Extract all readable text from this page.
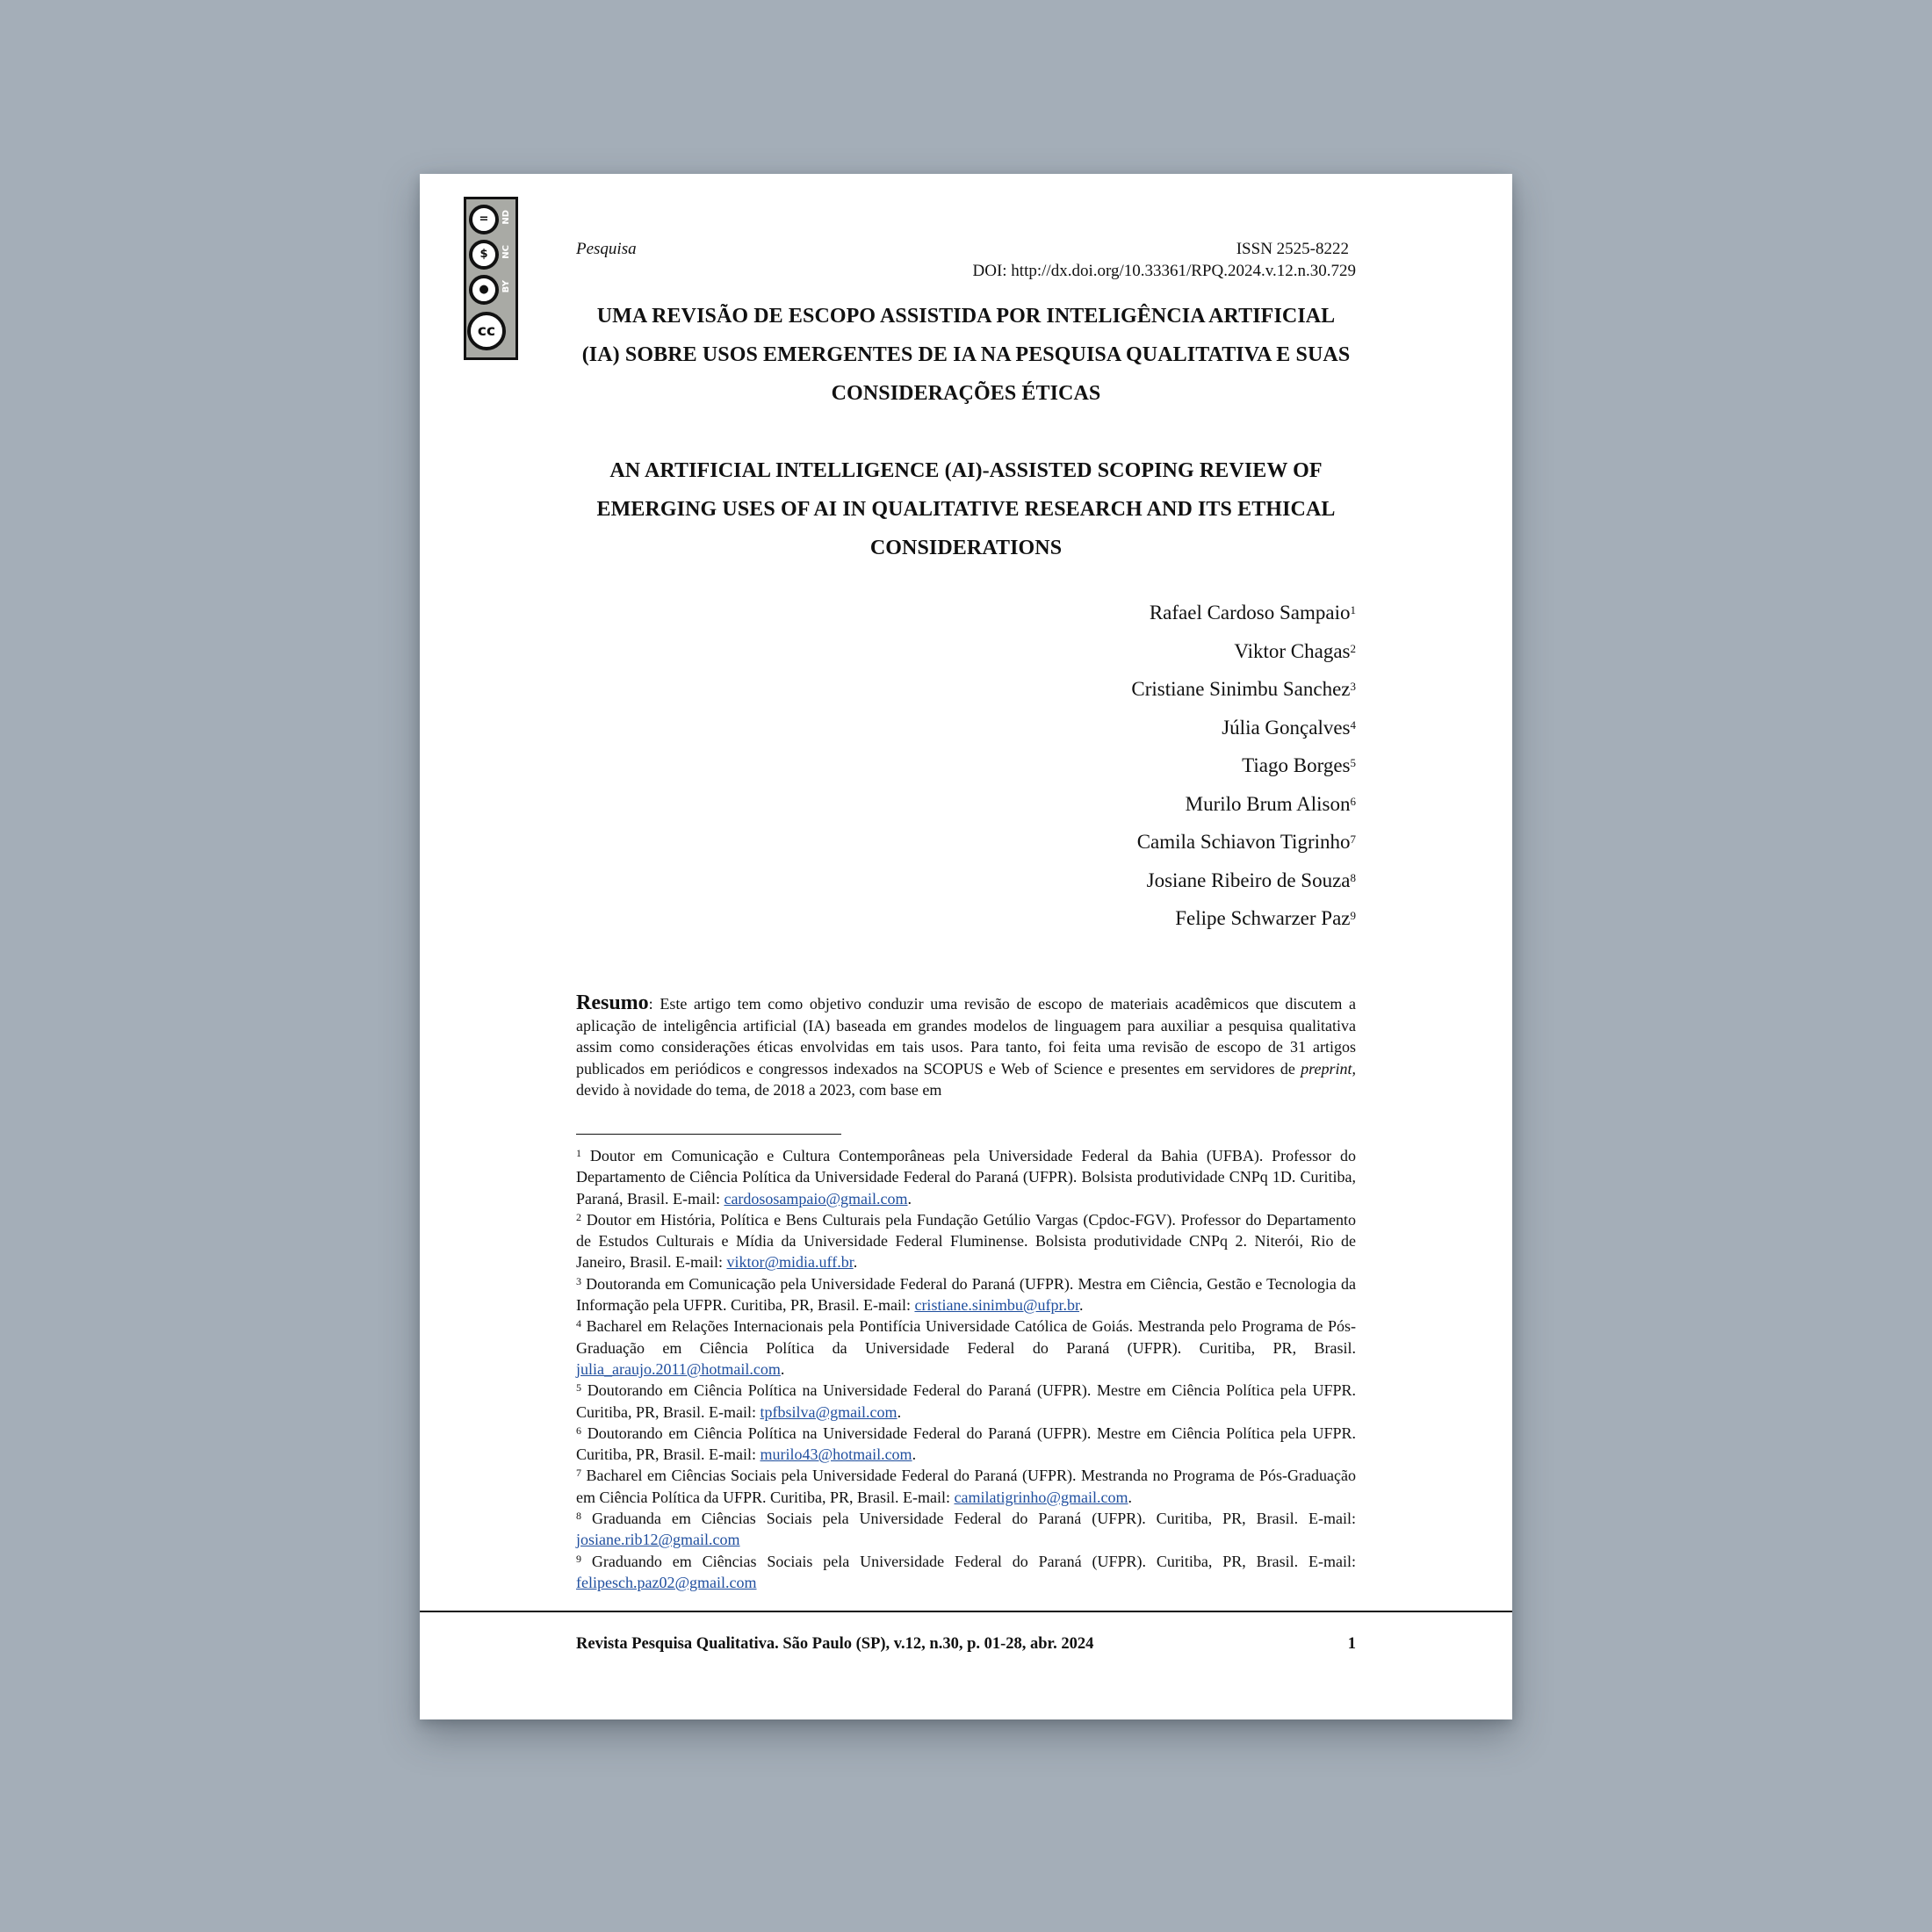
=
$
●
cc
ND
NC
BY
Pesquisa	ISSN 2525-8222
DOI: http://dx.doi.org/10.33361/RPQ.2024.v.12.n.30.729
UMA REVISÃO DE ESCOPO ASSISTIDA POR INTELIGÊNCIA ARTIFICIAL (IA) SOBRE USOS EMERGENTES DE IA NA PESQUISA QUALITATIVA E SUAS CONSIDERAÇÕES ÉTICAS
AN ARTIFICIAL INTELLIGENCE (AI)-ASSISTED SCOPING REVIEW OF EMERGING USES OF AI IN QUALITATIVE RESEARCH AND ITS ETHICAL CONSIDERATIONS
Rafael Cardoso Sampaio$^1$
Viktor Chagas$^2$
Cristiane Sinimbu Sanchez$^3$
Júlia Gonçalves$^4$
Tiago Borges$^5$
Murilo Brum Alison$^6$
Camila Schiavon Tigrinho$^7$
Josiane Ribeiro de Souza$^8$
Felipe Schwarzer Paz$^9$
Resumo: Este artigo tem como objetivo conduzir uma revisão de escopo de materiais acadêmicos que discutem a aplicação de inteligência artificial (IA) baseada em grandes modelos de linguagem para auxiliar a pesquisa qualitativa assim como considerações éticas envolvidas em tais usos. Para tanto, foi feita uma revisão de escopo de 31 artigos publicados em periódicos e congressos indexados na SCOPUS e Web of Science e presentes em servidores de preprint, devido à novidade do tema, de 2018 a 2023, com base em

$^1$ Doutor em Comunicação e Cultura Contemporâneas pela Universidade Federal da Bahia (UFBA). Professor do Departamento de Ciência Política da Universidade Federal do Paraná (UFPR). Bolsista produtividade CNPq 1D. Curitiba, Paraná, Brasil. E-mail: cardososampaio@gmail.com.

$^2$ Doutor em História, Política e Bens Culturais pela Fundação Getúlio Vargas (Cpdoc-FGV). Professor do Departamento de Estudos Culturais e Mídia da Universidade Federal Fluminense. Bolsista produtividade CNPq 2. Niterói, Rio de Janeiro, Brasil. E-mail: viktor@midia.uff.br.

$^3$ Doutoranda em Comunicação pela Universidade Federal do Paraná (UFPR). Mestra em Ciência, Gestão e Tecnologia da Informação pela UFPR. Curitiba, PR, Brasil. E-mail: cristiane.sinimbu@ufpr.br.

$^4$ Bacharel em Relações Internacionais pela Pontifícia Universidade Católica de Goiás. Mestranda pelo Programa de Pós-Graduação em Ciência Política da Universidade Federal do Paraná (UFPR). Curitiba, PR, Brasil. julia_araujo.2011@hotmail.com.

$^5$ Doutorando em Ciência Política na Universidade Federal do Paraná (UFPR). Mestre em Ciência Política pela UFPR. Curitiba, PR, Brasil. E-mail: tpfbsilva@gmail.com.

$^6$ Doutorando em Ciência Política na Universidade Federal do Paraná (UFPR). Mestre em Ciência Política pela UFPR. Curitiba, PR, Brasil. E-mail: murilo43@hotmail.com.

$^7$ Bacharel em Ciências Sociais pela Universidade Federal do Paraná (UFPR). Mestranda no Programa de Pós-Graduação em Ciência Política da UFPR. Curitiba, PR, Brasil. E-mail: camilatigrinho@gmail.com.

$^8$ Graduanda em Ciências Sociais pela Universidade Federal do Paraná (UFPR). Curitiba, PR, Brasil. E-mail: josiane.rib12@gmail.com

$^9$ Graduando em Ciências Sociais pela Universidade Federal do Paraná (UFPR). Curitiba, PR, Brasil. E-mail: felipesch.paz02@gmail.com

Revista Pesquisa Qualitativa. São Paulo (SP), v.12, n.30, p. 01-28, abr. 2024	1
